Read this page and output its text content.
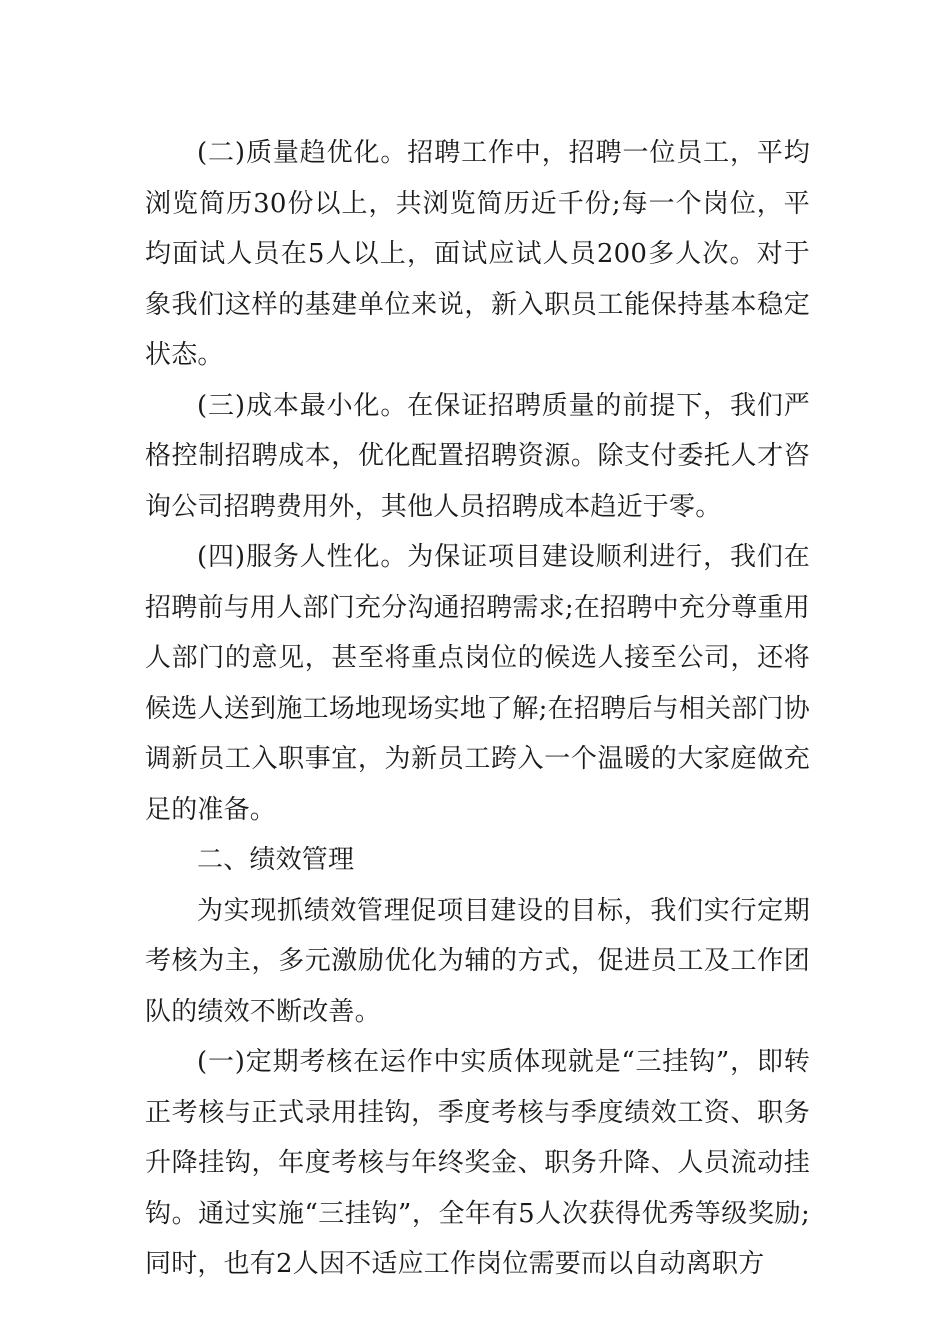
(二)质量趋优化。招聘工作中，招聘一位员工，平均浏览简历30份以上，共浏览简历近千份;每一个岗位，平均面试人员在5人以上，面试应试人员200多人次。对于象我们这样的基建单位来说，新入职员工能保持基本稳定状态。

(三)成本最小化。在保证招聘质量的前提下，我们严格控制招聘成本，优化配置招聘资源。除支付委托人才咨询公司招聘费用外，其他人员招聘成本趋近于零。

(四)服务人性化。为保证项目建设顺利进行，我们在招聘前与用人部门充分沟通招聘需求;在招聘中充分尊重用人部门的意见，甚至将重点岗位的候选人接至公司，还将候选人送到施工场地现场实地了解;在招聘后与相关部门协调新员工入职事宜，为新员工跨入一个温暖的大家庭做充足的准备。

二、绩效管理

为实现抓绩效管理促项目建设的目标，我们实行定期考核为主，多元激励优化为辅的方式，促进员工及工作团队的绩效不断改善。

(一)定期考核在运作中实质体现就是“三挂钩”，即转正考核与正式录用挂钩，季度考核与季度绩效工资、职务升降挂钩，年度考核与年终奖金、职务升降、人员流动挂钩。通过实施“三挂钩”，全年有5人次获得优秀等级奖励;同时，也有2人因不适应工作岗位需要而以自动离职方
